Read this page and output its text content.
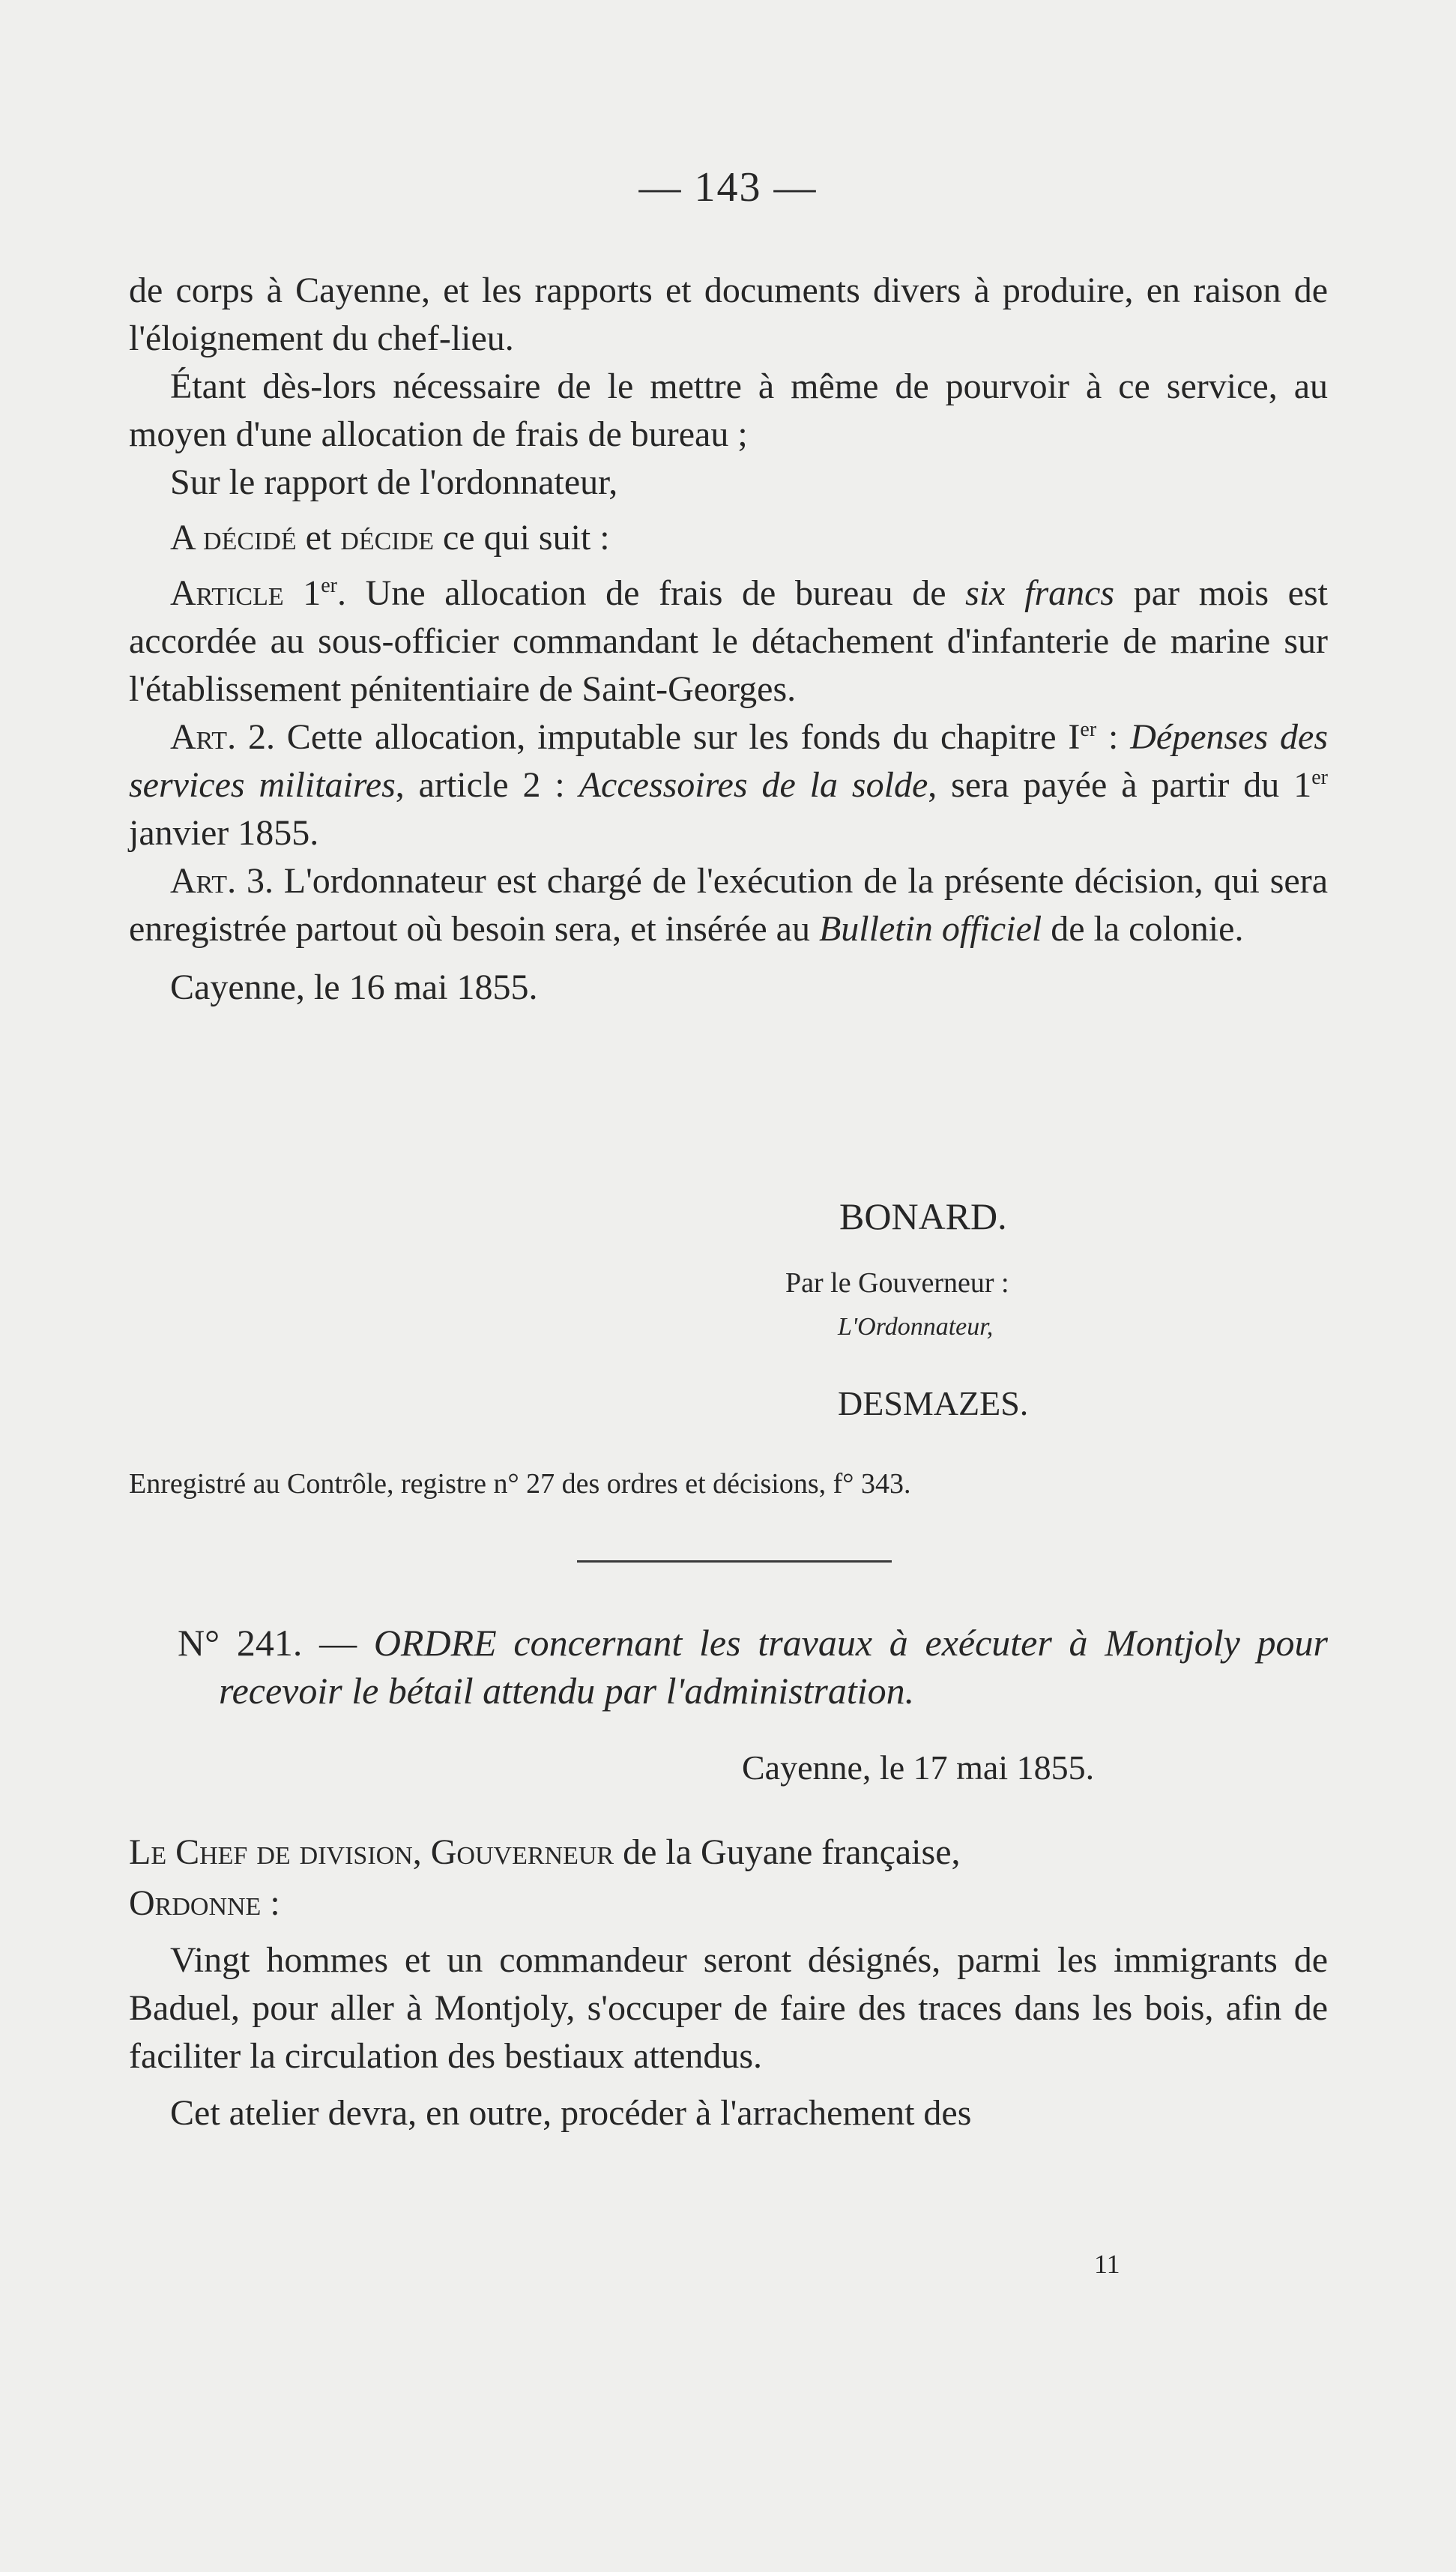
— 143 —

de corps à Cayenne, et les rapports et documents divers à produire, en raison de l'éloignement du chef-lieu.

Étant dès-lors nécessaire de le mettre à même de pourvoir à ce service, au moyen d'une allocation de frais de bureau ;

Sur le rapport de l'ordonnateur,

A décidé et décide ce qui suit :

Article 1er. Une allocation de frais de bureau de six francs par mois est accordée au sous-officier commandant le détachement d'infanterie de marine sur l'établissement pénitentiaire de Saint-Georges.

Art. 2. Cette allocation, imputable sur les fonds du chapitre Ier : Dépenses des services militaires, article 2 : Accessoires de la solde, sera payée à partir du 1er janvier 1855.

Art. 3. L'ordonnateur est chargé de l'exécution de la présente décision, qui sera enregistrée partout où besoin sera, et insérée au Bulletin officiel de la colonie.

Cayenne, le 16 mai 1855.

BONARD.
Par le Gouverneur :
L'Ordonnateur,
DESMAZES.
Enregistré au Contrôle, registre n° 27 des ordres et décisions, f° 343.

N° 241. — ORDRE concernant les travaux à exécuter à Montjoly pour recevoir le bétail attendu par l'administration.

Cayenne, le 17 mai 1855.

Le Chef de division, Gouverneur de la Guyane française,

Ordonne :

Vingt hommes et un commandeur seront désignés, parmi les immigrants de Baduel, pour aller à Montjoly, s'occuper de faire des traces dans les bois, afin de faciliter la circulation des bestiaux attendus.

Cet atelier devra, en outre, procéder à l'arrachement des

11
